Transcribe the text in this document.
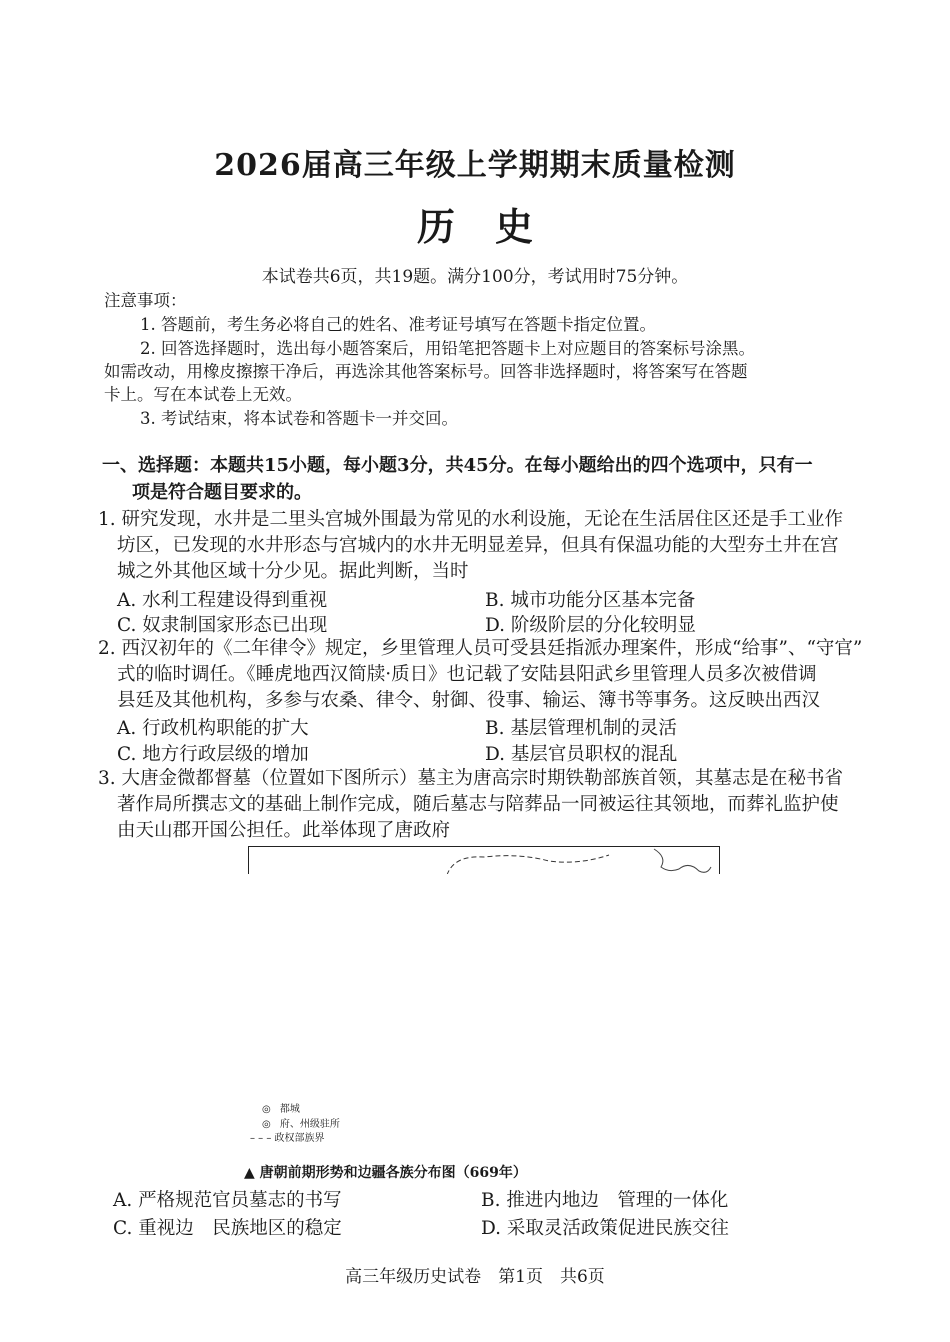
2026届高三年级上学期期末质量检测
历史
本试卷共6页，共19题。满分100分，考试用时75分钟。
注意事项：
1. 答题前，考生务必将自己的姓名、准考证号填写在答题卡指定位置。
2. 回答选择题时，选出每小题答案后，用铅笔把答题卡上对应题目的答案标号涂黑。
如需改动，用橡皮擦擦干净后，再选涂其他答案标号。回答非选择题时，将答案写在答题
卡上。写在本试卷上无效。
3. 考试结束，将本试卷和答题卡一并交回。
一、选择题：本题共15小题，每小题3分，共45分。在每小题给出的四个选项中，只有一
项是符合题目要求的。
1. 研究发现，水井是二里头宫城外围最为常见的水利设施，无论在生活居住区还是手工业作
坊区，已发现的水井形态与宫城内的水井无明显差异，但具有保温功能的大型夯土井在宫
城之外其他区域十分少见。据此判断，当时
A. 水利工程建设得到重视	B. 城市功能分区基本完备
C. 奴隶制国家形态已出现	D. 阶级阶层的分化较明显
2. 西汉初年的《二年律令》规定，乡里管理人员可受县廷指派办理案件，形成“给事”、“守官”
式的临时调任。《睡虎地西汉简牍·质日》也记载了安陆县阳武乡里管理人员多次被借调
县廷及其他机构，多参与农桑、律令、射御、役事、输运、簿书等事务。这反映出西汉
A. 行政机构职能的扩大	B. 基层管理机制的灵活
C. 地方行政层级的增加	D. 基层官员职权的混乱
3. 大唐金微都督墓（位置如下图所示）墓主为唐高宗时期铁勒部族首领，其墓志是在秘书省
著作局所撰志文的基础上制作完成，随后墓志与陪葬品一同被运往其领地，而葬礼监护使
由天山郡开国公担任。此举体现了唐政府
◎ 都城
◎ 府、州级驻所
– – – 政权部族界
▲ 唐朝前期形势和边疆各族分布图（669年）
A. 严格规范官员墓志的书写	B. 推进内地边　管理的一体化
C. 重视边　民族地区的稳定	D. 采取灵活政策促进民族交往
高三年级历史试卷　第1页　共6页
